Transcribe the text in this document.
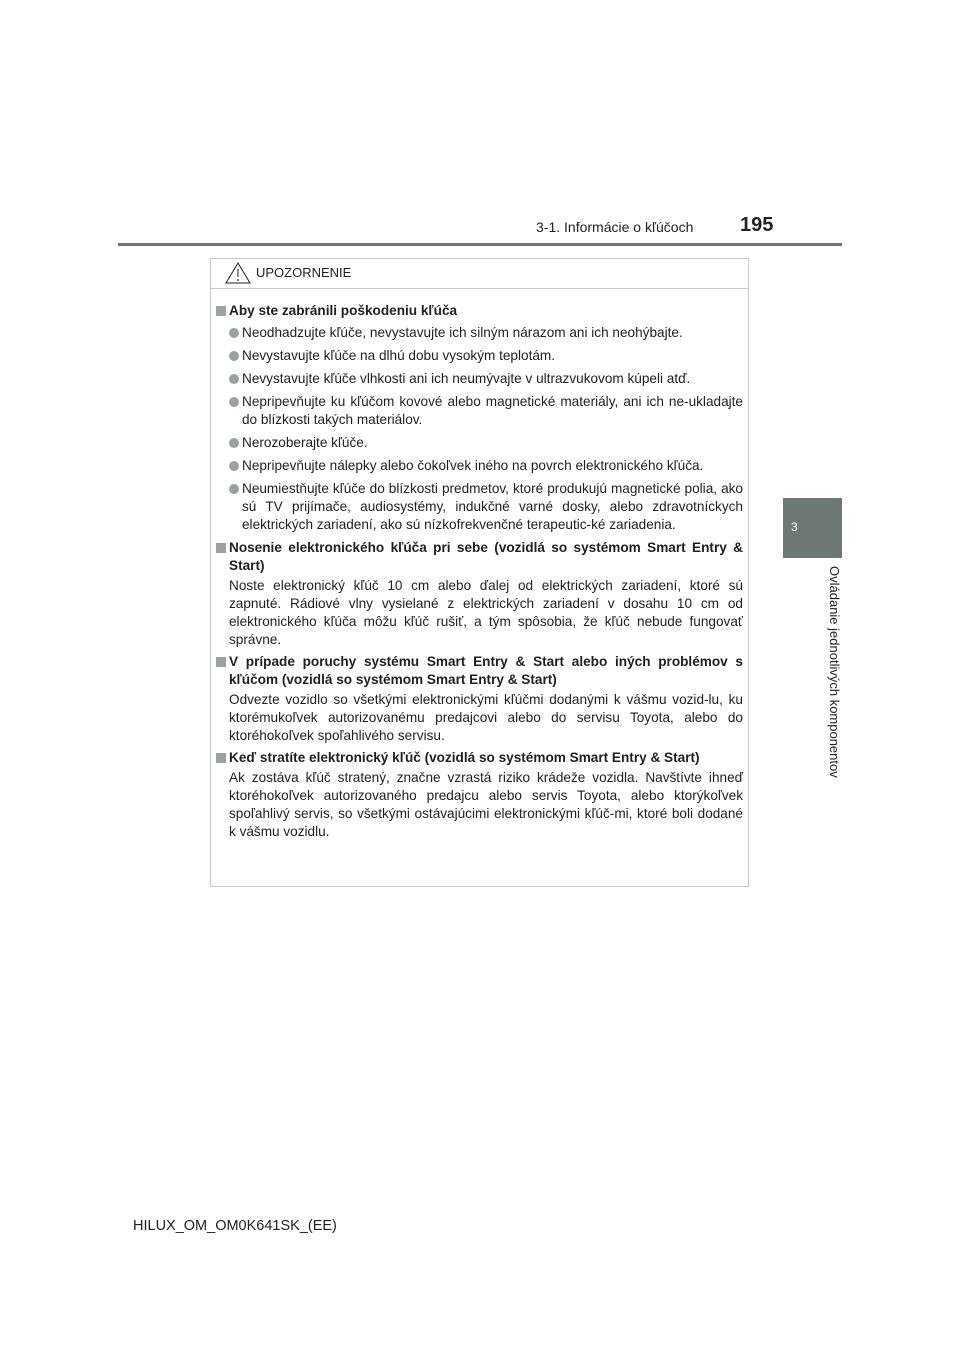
3-1. Informácie o kľúčoch 195
3
Ovládanie jednotlivých komponentov
UPOZORNENIE
Aby ste zabránili poškodeniu kľúča
Neodhadzujte kľúče, nevystavujte ich silným nárazom ani ich neohýbajte.
Nevystavujte kľúče na dlhú dobu vysokým teplotám.
Nevystavujte kľúče vlhkosti ani ich neumývajte v ultrazvukovom kúpeli atď.
Nepripevňujte ku kľúčom kovové alebo magnetické materiály, ani ich ne-ukladajte do blízkosti takých materiálov.
Nerozoberajte kľúče.
Nepripevňujte nálepky alebo čokoľvek iného na povrch elektronického kľúča.
Neumiestňujte kľúče do blízkosti predmetov, ktoré produkujú magnetické polia, ako sú TV prijímače, audiosystémy, indukčné varné dosky, alebo zdravotníckych elektrických zariadení, ako sú nízkofrekvenčné terapeutic-ké zariadenia.
Nosenie elektronického kľúča pri sebe (vozidlá so systémom Smart Entry & Start)
Noste elektronický kľúč 10 cm alebo ďalej od elektrických zariadení, ktoré sú zapnuté. Rádiové vlny vysielané z elektrických zariadení v dosahu 10 cm od elektronického kľúča môžu kľúč rušiť, a tým spôsobia, že kľúč nebude fungovať správne.
V prípade poruchy systému Smart Entry & Start alebo iných problémov s kľúčom (vozidlá so systémom Smart Entry & Start)
Odvezte vozidlo so všetkými elektronickými kľúčmi dodanými k vášmu vozid-lu, ku ktorémukoľvek autorizovanému predajcovi alebo do servisu Toyota, alebo do ktoréhokoľvek spoľahlivého servisu.
Keď stratíte elektronický kľúč (vozidlá so systémom Smart Entry & Start)
Ak zostáva kľúč stratený, značne vzrastá riziko krádeže vozidla. Navštívte ihneď ktoréhokoľvek autorizovaného predajcu alebo servis Toyota, alebo ktorýkoľvek spoľahlivý servis, so všetkými ostávajúcimi elektronickými kľúč-mi, ktoré boli dodané k vášmu vozidlu.
HILUX_OM_OM0K641SK_(EE)
